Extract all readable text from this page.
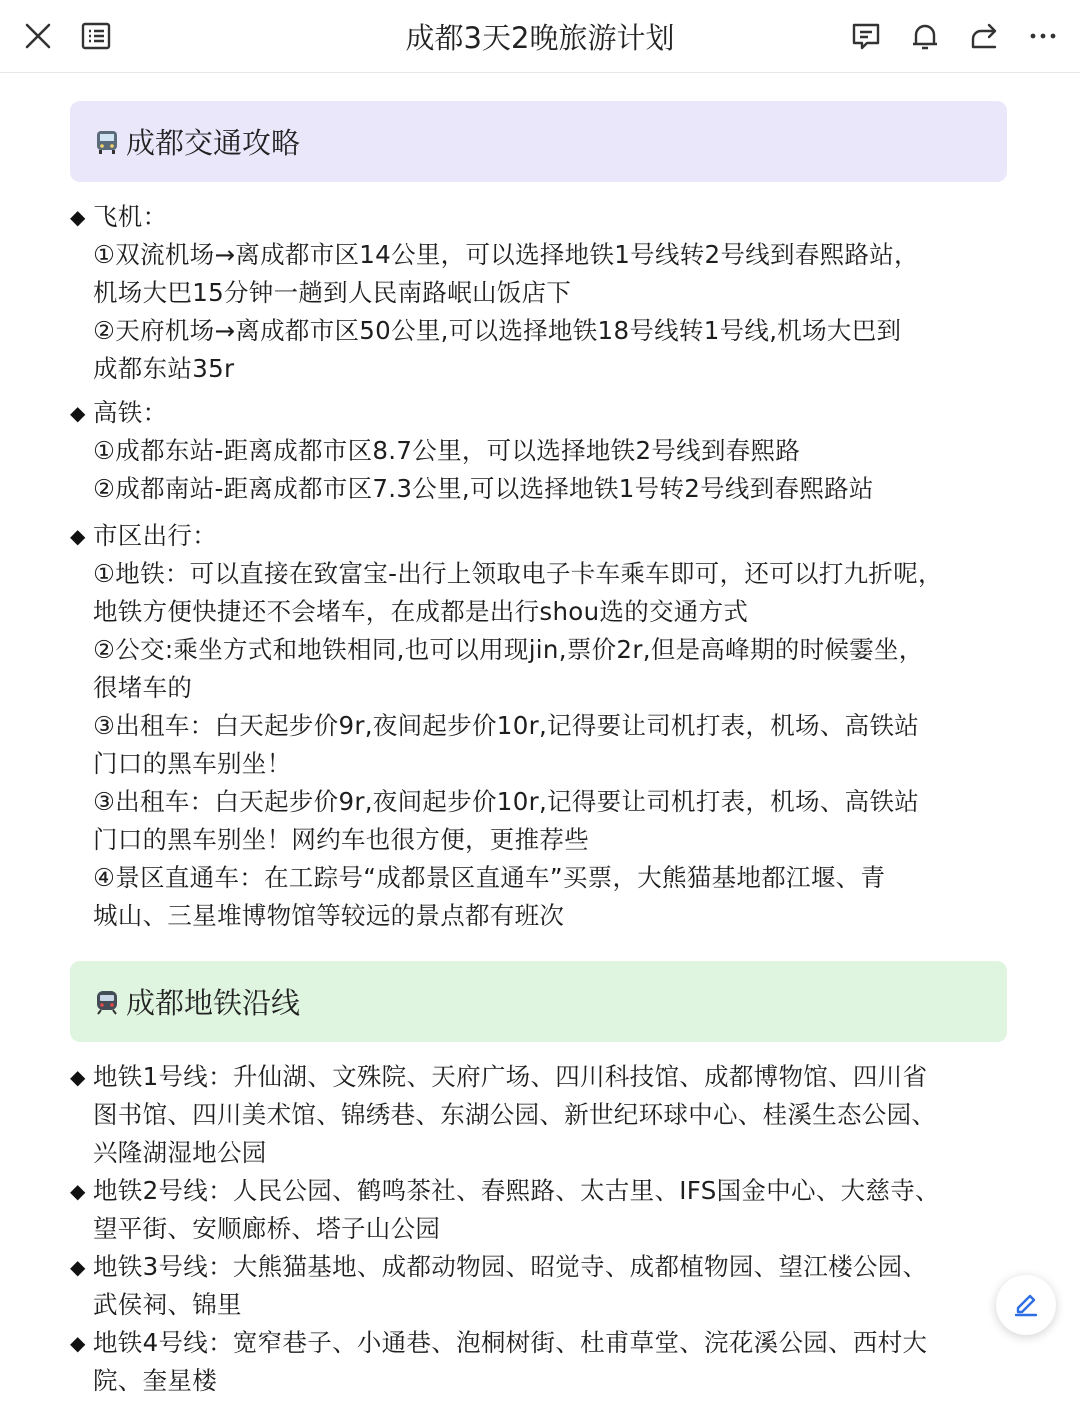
成都3天2晚旅游计划
成都交通攻略
◆ 飞机：
①双流机场→离成都市区14公里，可以选择地铁1号线转2号线到春熙路站，
机场大巴15分钟一趟到人民南路岷山饭店下
②天府机场→离成都市区50公里,可以选择地铁18号线转1号线,机场大巴到
成都东站35r
◆ 高铁：
①成都东站-距离成都市区8.7公里，可以选择地铁2号线到春熙路
②成都南站-距离成都市区7.3公里,可以选择地铁1号转2号线到春熙路站
◆ 市区出行：
①地铁：可以直接在致富宝-出行上领取电子卡车乘车即可，还可以打九折呢，
地铁方便快捷还不会堵车，在成都是出行shou选的交通方式
②公交:乘坐方式和地铁相同,也可以用现jin,票价2r,但是高峰期的时候霎坐，
很堵车的
③出租车：白天起步价9r,夜间起步价10r,记得要让司机打表，机场、高铁站
门口的黑车别坐！
③出租车：白天起步价9r,夜间起步价10r,记得要让司机打表，机场、高铁站
门口的黑车别坐！网约车也很方便，更推荐些
④景区直通车：在工踪号“成都景区直通车”买票，大熊猫基地都江堰、青
城山、三星堆博物馆等较远的景点都有班次
成都地铁沿线
◆ 地铁1号线：升仙湖、文殊院、天府广场、四川科技馆、成都博物馆、四川省
图书馆、四川美术馆、锦绣巷、东湖公园、新世纪环球中心、桂溪生态公园、
兴隆湖湿地公园
◆ 地铁2号线：人民公园、鹤鸣茶社、春熙路、太古里、IFS国金中心、大慈寺、
望平街、安顺廊桥、塔子山公园
◆ 地铁3号线：大熊猫基地、成都动物园、昭觉寺、成都植物园、望江楼公园、
武侯祠、锦里
◆ 地铁4号线：宽窄巷子、小通巷、泡桐树街、杜甫草堂、浣花溪公园、西村大
院、奎星楼
